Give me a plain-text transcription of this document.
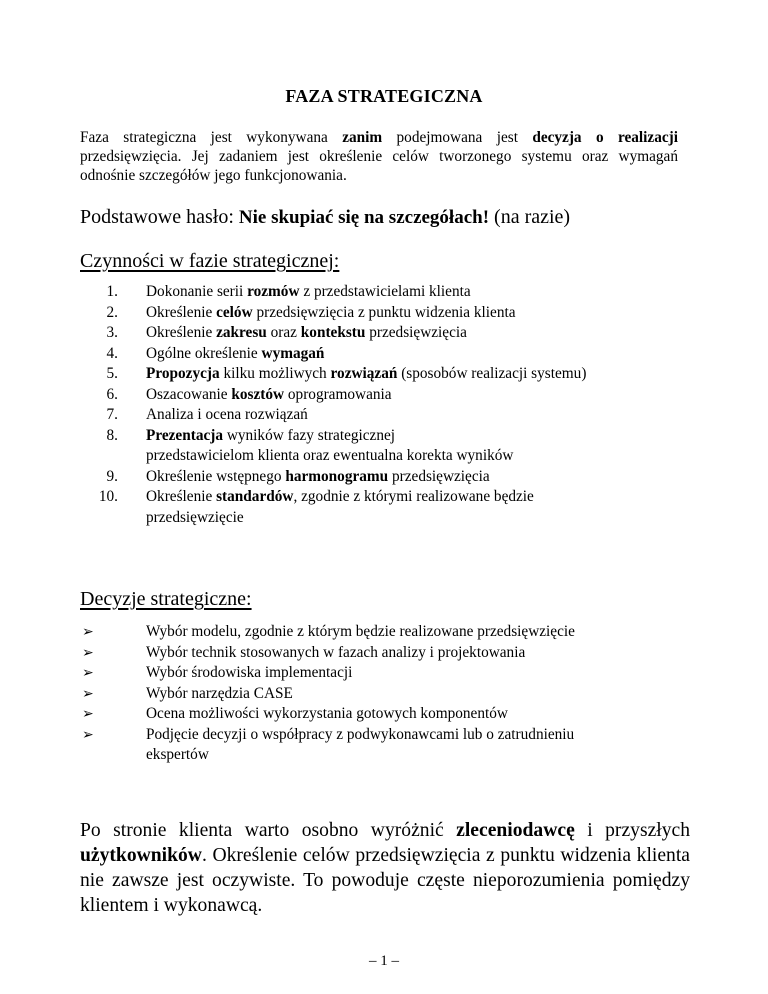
FAZA STRATEGICZNA

Faza strategiczna jest wykonywana zanim podejmowana jest decyzja o realizacji przedsięwzięcia. Jej zadaniem jest określenie celów tworzonego systemu oraz wymagań odnośnie szczegółów jego funkcjonowania.

Podstawowe hasło: Nie skupiać się na szczegółach! (na razie)
Czynności w fazie strategicznej:
1. Dokonanie serii rozmów z przedstawicielami klienta
2. Określenie celów przedsięwzięcia z punktu widzenia klienta
3. Określenie zakresu oraz kontekstu przedsięwzięcia
4. Ogólne określenie wymagań
5. Propozycja kilku możliwych rozwiązań (sposobów realizacji systemu)
6. Oszacowanie kosztów oprogramowania
7. Analiza i ocena rozwiązań
8. Prezentacja wyników fazy strategicznej
przedstawicielom klienta oraz ewentualna korekta wyników
9. Określenie wstępnego harmonogramu przedsięwzięcia
10. Określenie standardów, zgodnie z którymi realizowane będzie
przedsięwzięcie
Decyzje strategiczne:
➢	Wybór modelu, zgodnie z którym będzie realizowane przedsięwzięcie
➢	Wybór technik stosowanych w fazach analizy i projektowania
➢	Wybór środowiska implementacji
➢	Wybór narzędzia CASE
➢	Ocena możliwości wykorzystania gotowych komponentów
➢	Podjęcie decyzji o współpracy z podwykonawcami lub o zatrudnieniu
ekspertów

Po stronie klienta warto osobno wyróżnić zleceniodawcę i przyszłych użytkowników. Określenie celów przedsięwzięcia z punktu widzenia klienta nie zawsze jest oczywiste. To powoduje częste nieporozumienia pomiędzy klientem i wykonawcą.

– 1 –
